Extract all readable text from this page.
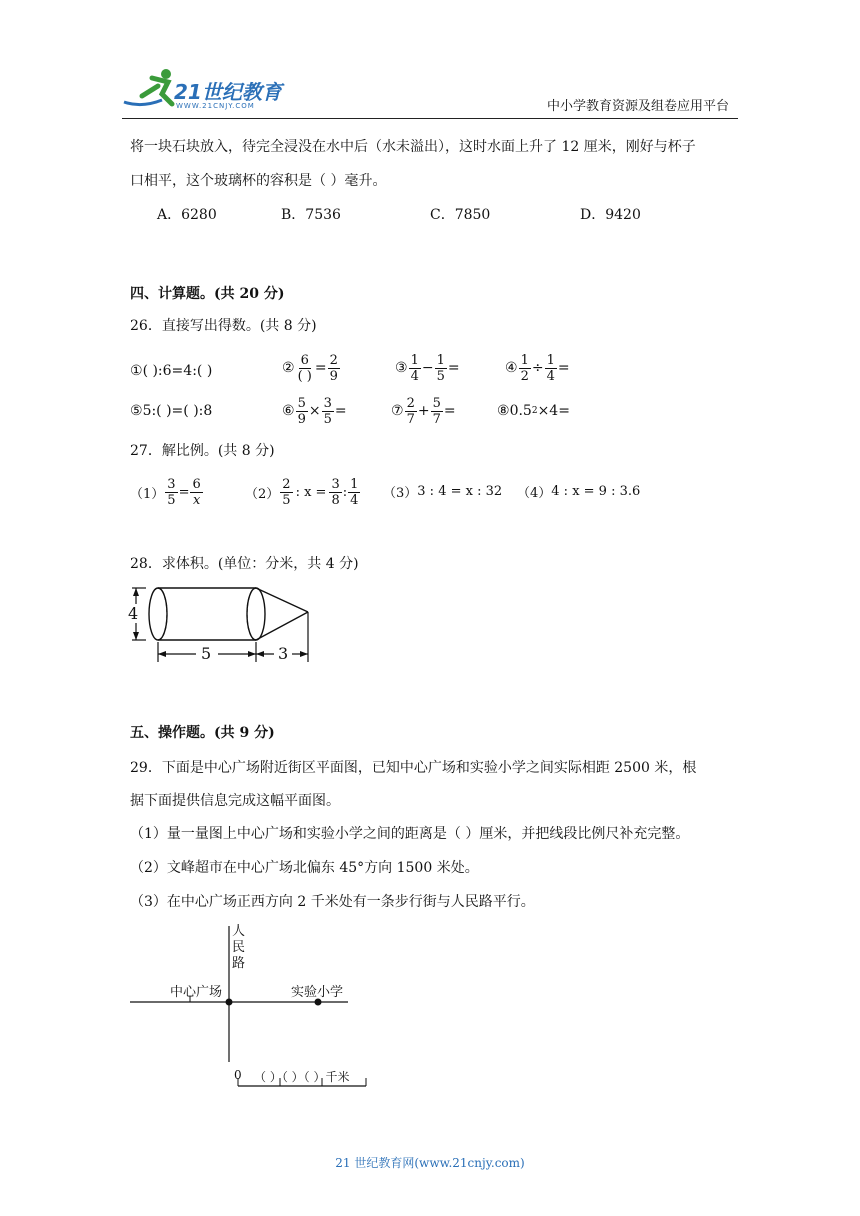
21世纪教育
WWW.21CNJY.COM	中小学教育资源及组卷应用平台
将一块石块放入，待完全浸没在水中后（水未溢出），这时水面上升了 12 厘米，刚好与杯子
口相平，这个玻璃杯的容积是（ ）毫升。
A．6280	B．7536	C．7850	D．9420
四、计算题。(共 20 分)
26．直接写出得数。(共 8 分)
① ( ):6=4:( )	② $\frac{6}{( )} = \frac{2}{9}$	③ $\frac{1}{4} - \frac{1}{5}$ =	④ $\frac{1}{2} \div \frac{1}{4}$ =
⑤ 5:( )=( ):8	⑥ $\frac{5}{9} \times \frac{3}{5}$ =	⑦ $\frac{2}{7} + \frac{5}{7}$ =	⑧ 0.5 2 ×4=
27．解比例。(共 8 分)
$(1) \frac{3}{5} = \frac{6}{x}$	$(2) \frac{2}{5}$ : $x = \frac{3}{8}$ : $\frac{1}{4} (3)$ 3 : 4 = x : 32 （4） 4 : x = 9 : 3.6
28．求体积。(单位：分米，共 4 分)
4
5	3
五、操作题。(共 9 分)
29．下面是中心广场附近街区平面图，已知中心广场和实验小学之间实际相距 2500 米，根
据下面提供信息完成这幅平面图。
（1）量一量图上中心广场和实验小学之间的距离是（ ）厘米，并把线段比例尺补充完整。
（2）文峰超市在中心广场北偏东 45°方向 1500 米处。
（3）在中心广场正西方向 2 千米处有一条步行街与人民路平行。
人
民
路
中心广场	实验小学
0 （ ）（ ）（ ）千米
21 世纪教育网(www.21cnjy.com)
